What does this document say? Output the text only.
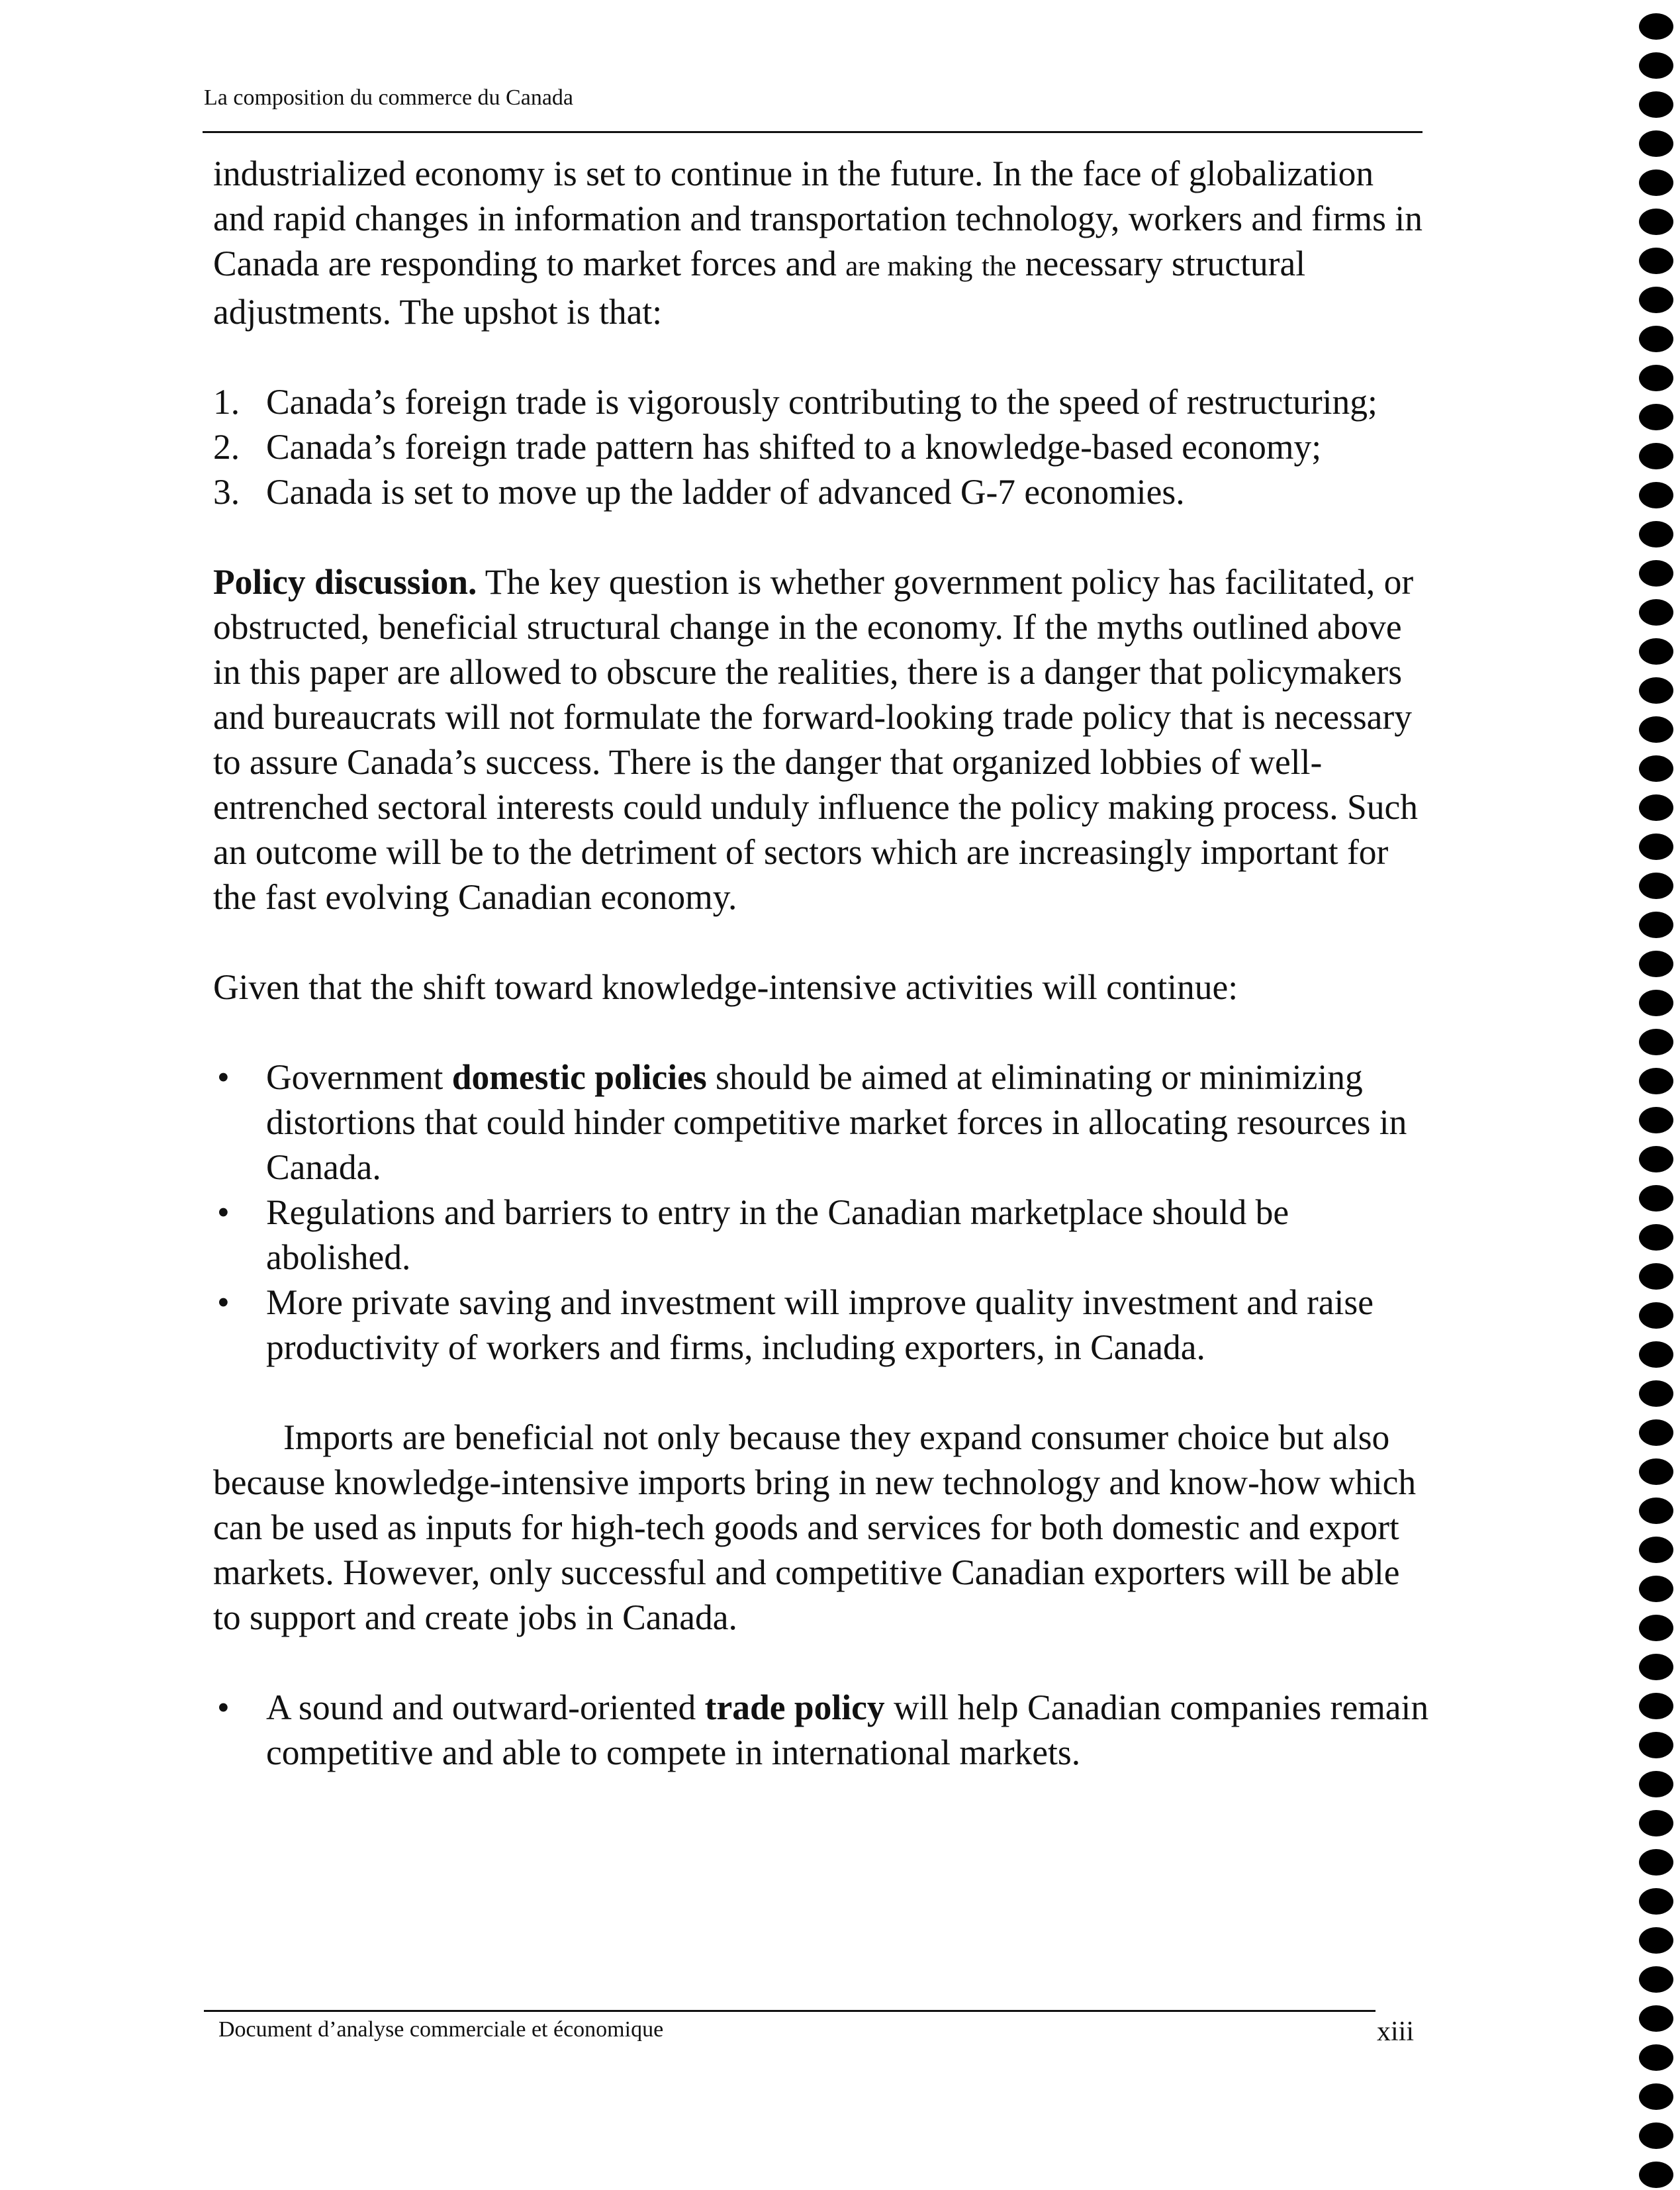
La composition du commerce du Canada

industrialized economy is set to continue in the future. In the face of globalization and rapid changes in information and transportation technology, workers and firms in Canada are responding to market forces and are making the necessary structural adjustments. The upshot is that:

1. Canada’s foreign trade is vigorously contributing to the speed of restructuring;
2. Canada’s foreign trade pattern has shifted to a knowledge-based economy;
3. Canada is set to move up the ladder of advanced G-7 economies.

Policy discussion. The key question is whether government policy has facilitated, or obstructed, beneficial structural change in the economy. If the myths outlined above in this paper are allowed to obscure the realities, there is a danger that policymakers and bureaucrats will not formulate the forward-looking trade policy that is necessary to assure Canada’s success. There is the danger that organized lobbies of well-entrenched sectoral interests could unduly influence the policy making process. Such an outcome will be to the detriment of sectors which are increasingly important for the fast evolving Canadian economy.

Given that the shift toward knowledge-intensive activities will continue:

• Government domestic policies should be aimed at eliminating or minimizing distortions that could hinder competitive market forces in allocating resources in Canada.
• Regulations and barriers to entry in the Canadian marketplace should be abolished.
• More private saving and investment will improve quality investment and raise productivity of workers and firms, including exporters, in Canada.

Imports are beneficial not only because they expand consumer choice but also because knowledge-intensive imports bring in new technology and know-how which can be used as inputs for high-tech goods and services for both domestic and export markets. However, only successful and competitive Canadian exporters will be able to support and create jobs in Canada.

• A sound and outward-oriented trade policy will help Canadian companies remain competitive and able to compete in international markets.
Document d’analyse commerciale et économique	xiii
